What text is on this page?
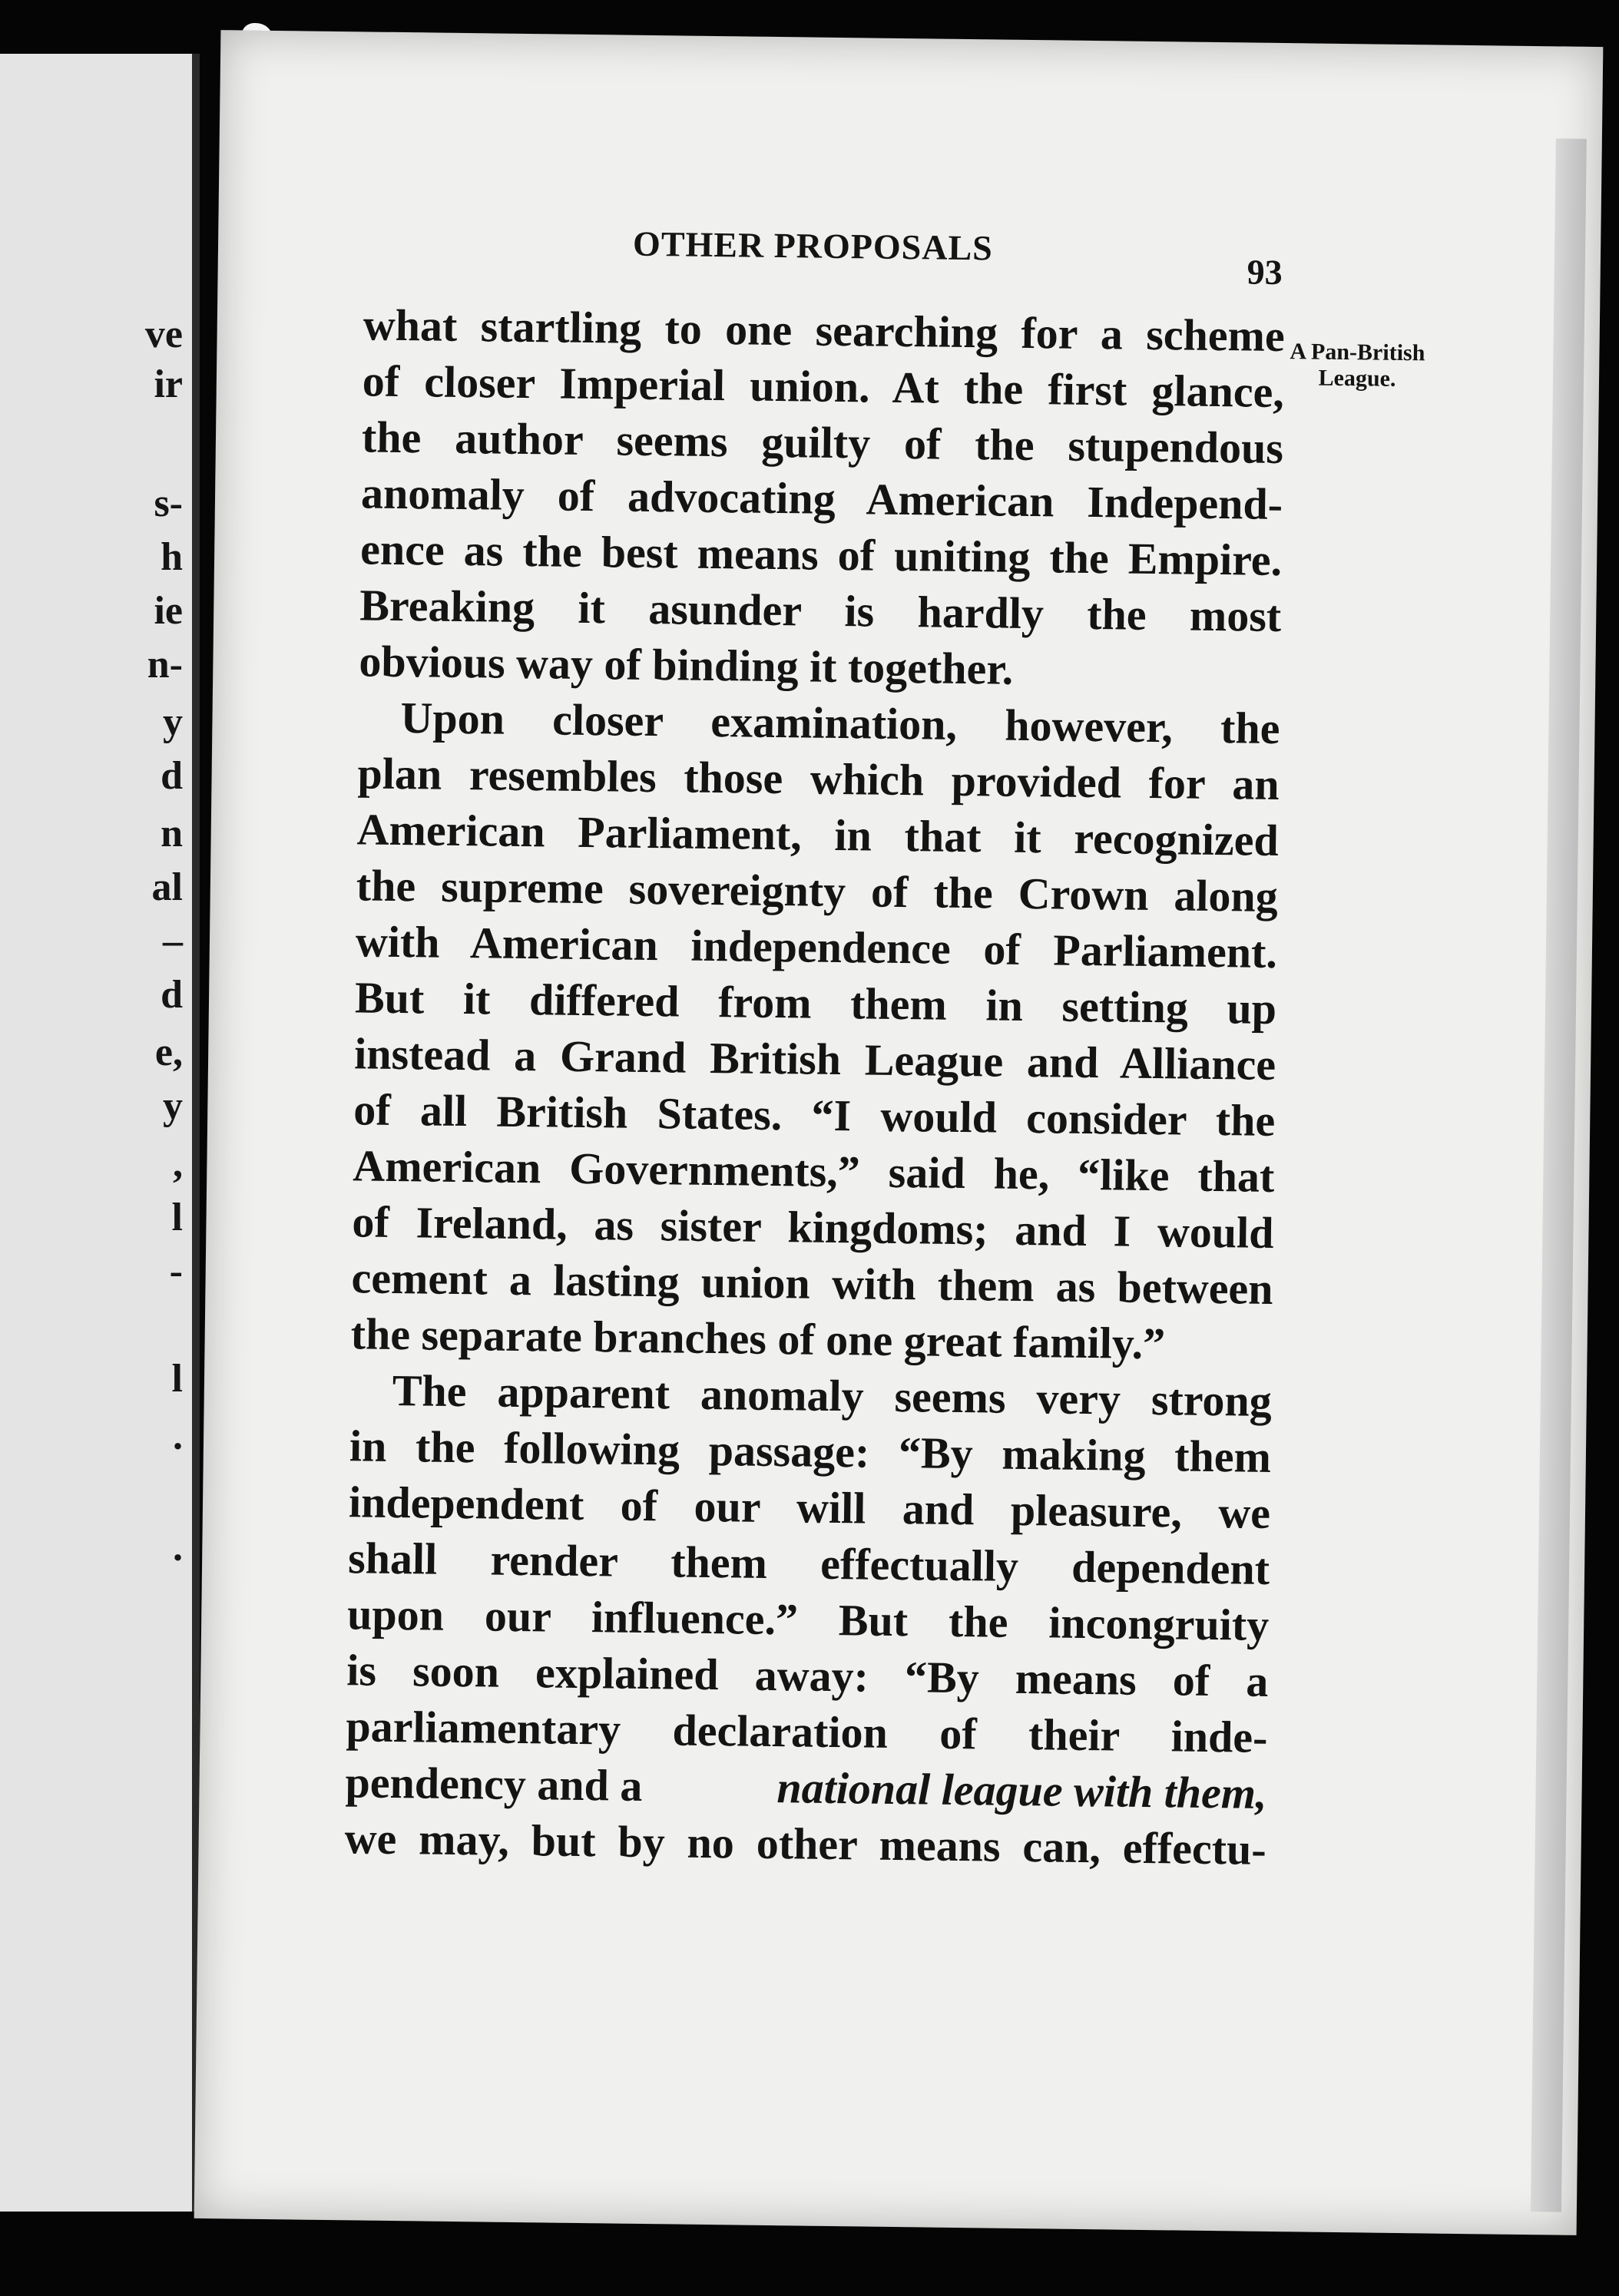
ve
ir
s-
h
ie
n-
y
d
n
al
–
d
e,
y
,
l
-
l
.
.
OTHER PROPOSALS
93
A Pan-British League.
what startling to one searching for a scheme
of closer Imperial union. At the first glance,
the author seems guilty of the stupendous
anomaly of advocating American Independ-
ence as the best means of uniting the Empire.
Breaking it asunder is hardly the most
obvious way of binding it together.
Upon closer examination, however, the
plan resembles those which provided for an
American Parliament, in that it recognized
the supreme sovereignty of the Crown along
with American independence of Parliament.
But it differed from them in setting up
instead a Grand British League and Alliance
of all British States. “I would consider the
American Governments,” said he, “like that
of Ireland, as sister kingdoms; and I would
cement a lasting union with them as between
the separate branches of one great family.”
The apparent anomaly seems very strong
in the following passage: “By making them
independent of our will and pleasure, we
shall render them effectually dependent
upon our influence.” But the incongruity
is soon explained away: “By means of a
parliamentary declaration of their inde-
pendency and a	national league with them,
we may, but by no other means can, effectu-
